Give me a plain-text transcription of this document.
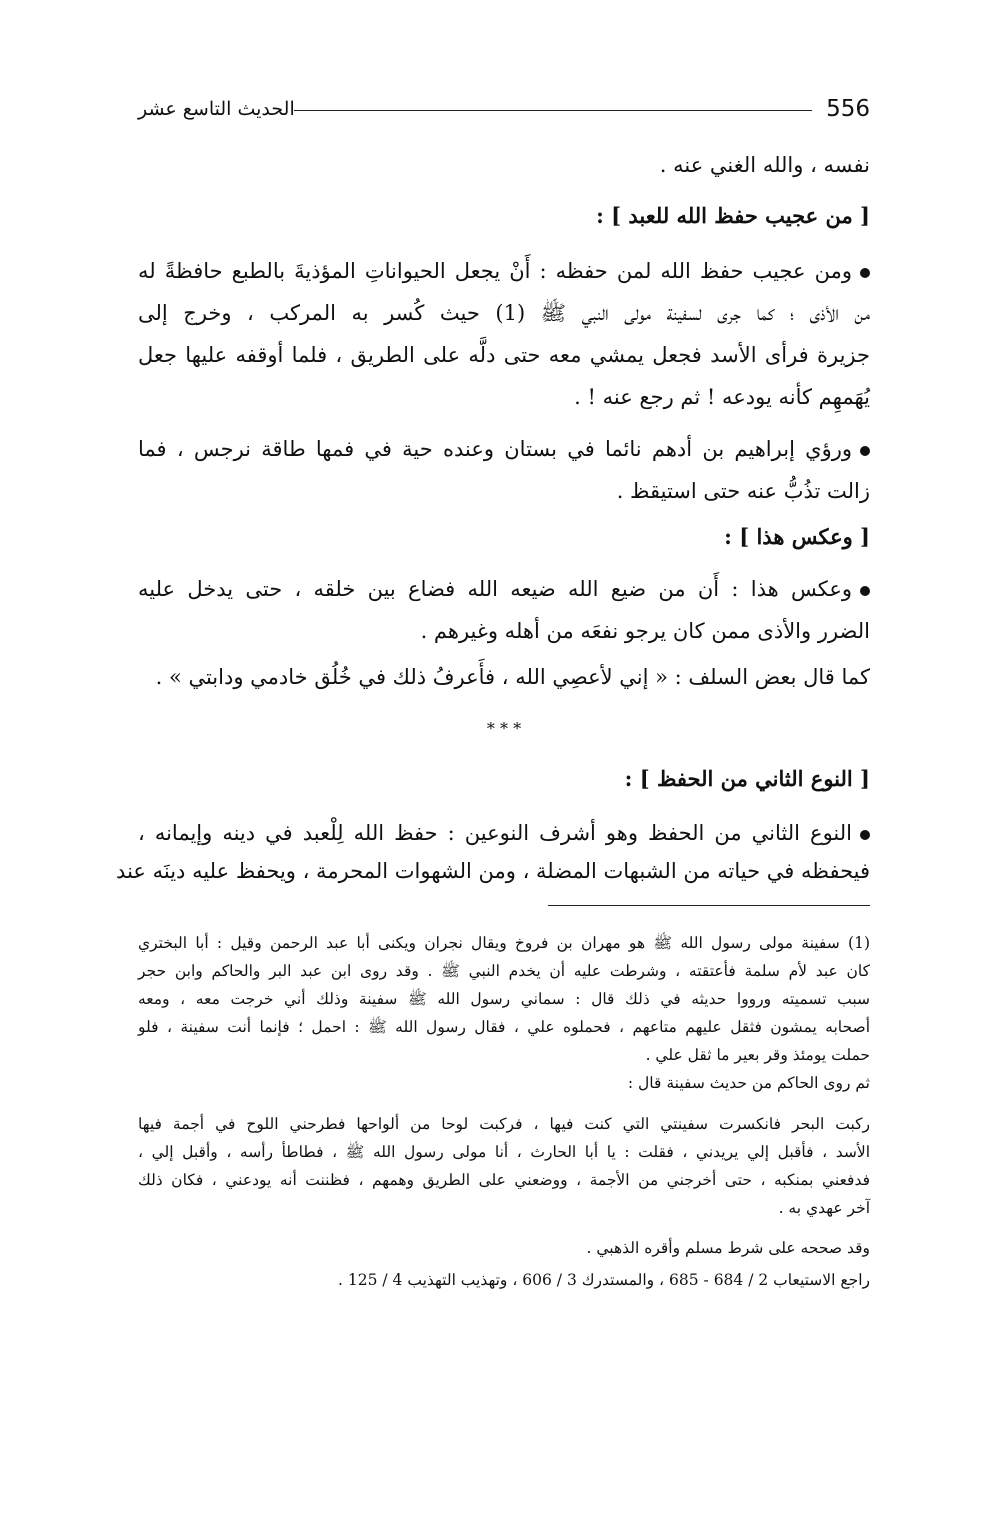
الحديث التاسع عشر	556
نفسه ، والله الغني عنه .
[ من عجيب حفظ الله للعبد ] :
ومن عجيب حفظ الله لمن حفظه : أَنْ يجعل الحيواناتِ المؤذيةَ بالطبع حافظةً له
من الأذى ؛ كما جرى لسفينة مولى النبي ﷺ (1) حيث كُسر به المركب ، وخرج إلى
جزيرة فرأى الأسد فجعل يمشي معه حتى دلَّه على الطريق ، فلما أوقفه عليها جعل
يُهَمهِم كأنه يودعه ! ثم رجع عنه ! .
ورؤي إبراهيم بن أدهم نائما في بستان وعنده حية في فمها طاقة نرجس ، فما
زالت تذُبُّ عنه حتى استيقظ .
[ وعكس هذا ] :
وعكس هذا : أَن من ضيع الله ضيعه الله فضاع بين خلقه ، حتى يدخل عليه
الضرر والأذى ممن كان يرجو نفعَه من أهله وغيرهم .
كما قال بعض السلف : « إني لأعصِي الله ، فأَعرفُ ذلك في خُلُق خادمي ودابتي » .
* * *
[ النوع الثاني من الحفظ ] :
النوع الثاني من الحفظ وهو أشرف النوعين : حفظ الله لِلْعبد في دينه وإيمانه ،
فيحفظه في حياته من الشبهات المضلة ، ومن الشهوات المحرمة ، ويحفظ عليه دينَه عند
(1) سفينة مولى رسول الله ﷺ هو مهران بن فروخ ويقال نجران ويكنى أبا عبد الرحمن وقيل : أبا البختري
كان عبد لأم سلمة فأعتقته ، وشرطت عليه أن يخدم النبي ﷺ . وقد روى ابن عبد البر والحاكم وابن حجر
سبب تسميته ورووا حديثه في ذلك قال : سماني رسول الله ﷺ سفينة وذلك أني خرجت معه ، ومعه
أصحابه يمشون فثقل عليهم متاعهم ، فحملوه علي ، فقال رسول الله ﷺ : احمل ؛ فإنما أنت سفينة ، فلو
حملت يومئذ وقر بعير ما ثقل علي .
ثم روى الحاكم من حديث سفينة قال :
ركبت البحر فانكسرت سفينتي التي كنت فيها ، فركبت لوحا من ألواحها فطرحني اللوح في أجمة فيها
الأسد ، فأقبل إلي يريدني ، فقلت : يا أبا الحارث ، أنا مولى رسول الله ﷺ ، فطاطأ رأسه ، وأقبل إلي ،
فدفعني بمنكبه ، حتى أخرجني من الأجمة ، ووضعني على الطريق وهمهم ، فظننت أنه يودعني ، فكان ذلك
آخر عهدي به .
وقد صححه على شرط مسلم وأقره الذهبي .
راجع الاستيعاب 2 / 684 - 685 ، والمستدرك 3 / 606 ، وتهذيب التهذيب 4 / 125 .
